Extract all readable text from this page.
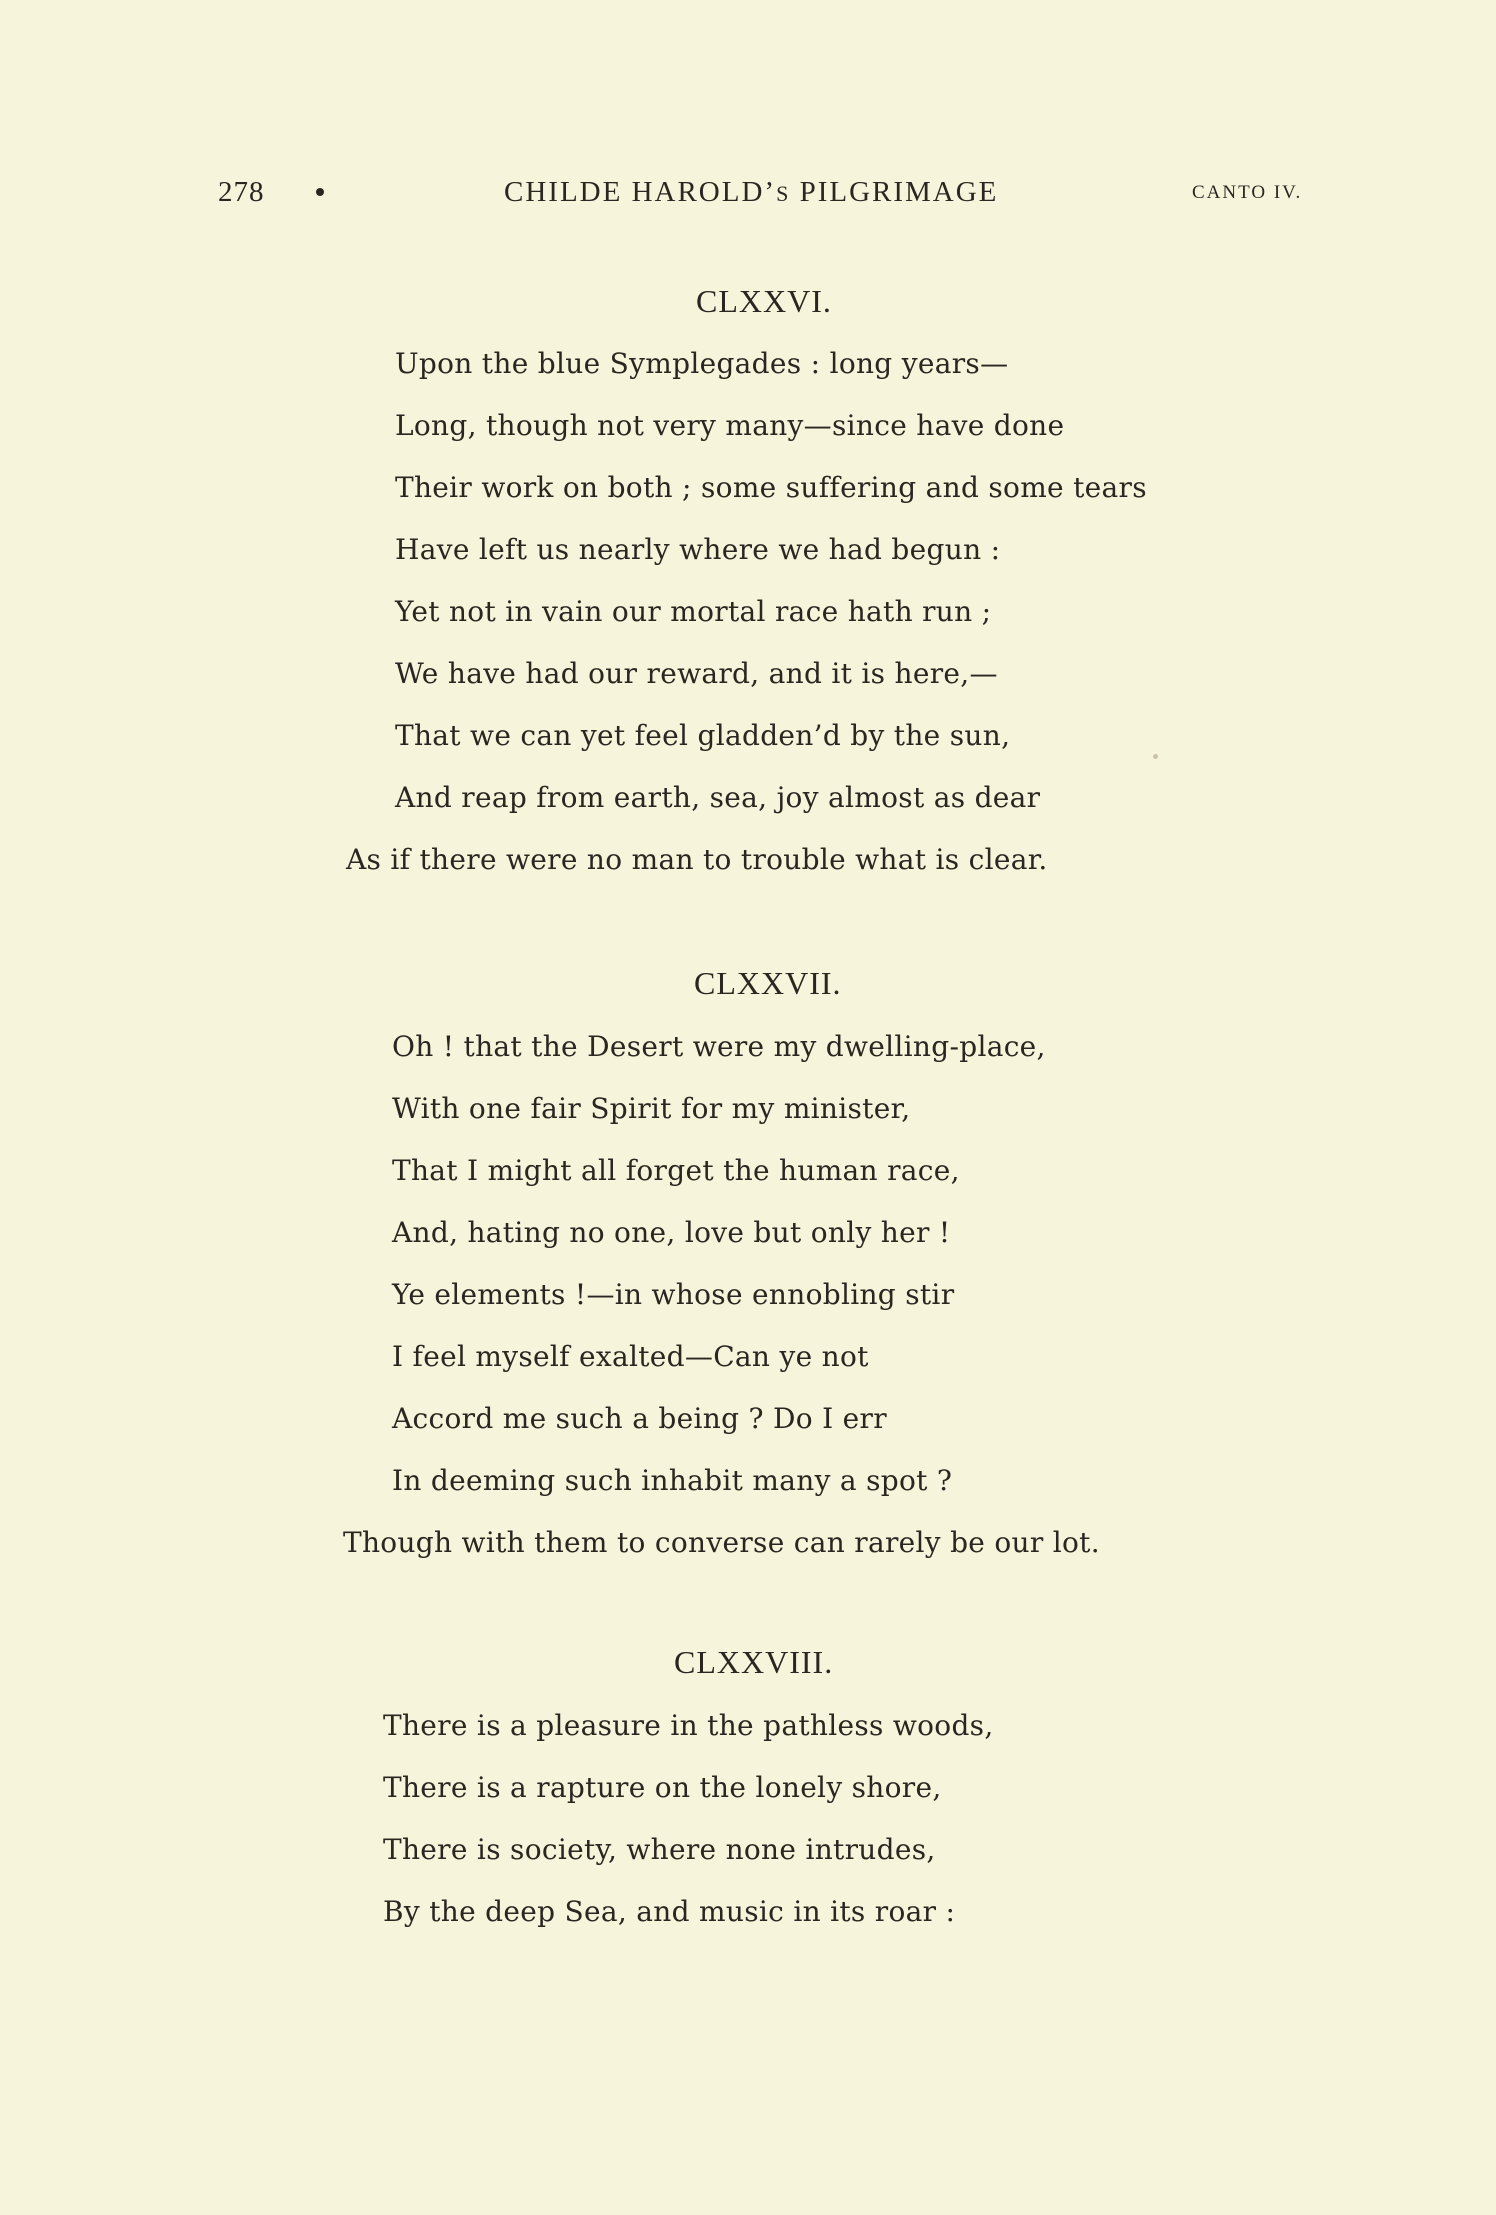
278	CHILDE HAROLD’S PILGRIMAGE	CANTO IV.
CLXXVI.
Upon the blue Symplegades : long years—
Long, though not very many—since have done
Their work on both ; some suffering and some tears
Have left us nearly where we had begun :
Yet not in vain our mortal race hath run ;
We have had our reward, and it is here,—
That we can yet feel gladden’d by the sun,
And reap from earth, sea, joy almost as dear
As if there were no man to trouble what is clear.
CLXXVII.
Oh ! that the Desert were my dwelling-place,
With one fair Spirit for my minister,
That I might all forget the human race,
And, hating no one, love but only her !
Ye elements !—in whose ennobling stir
I feel myself exalted—Can ye not
Accord me such a being ? Do I err
In deeming such inhabit many a spot ?
Though with them to converse can rarely be our lot.
CLXXVIII.
There is a pleasure in the pathless woods,
There is a rapture on the lonely shore,
There is society, where none intrudes,
By the deep Sea, and music in its roar :
